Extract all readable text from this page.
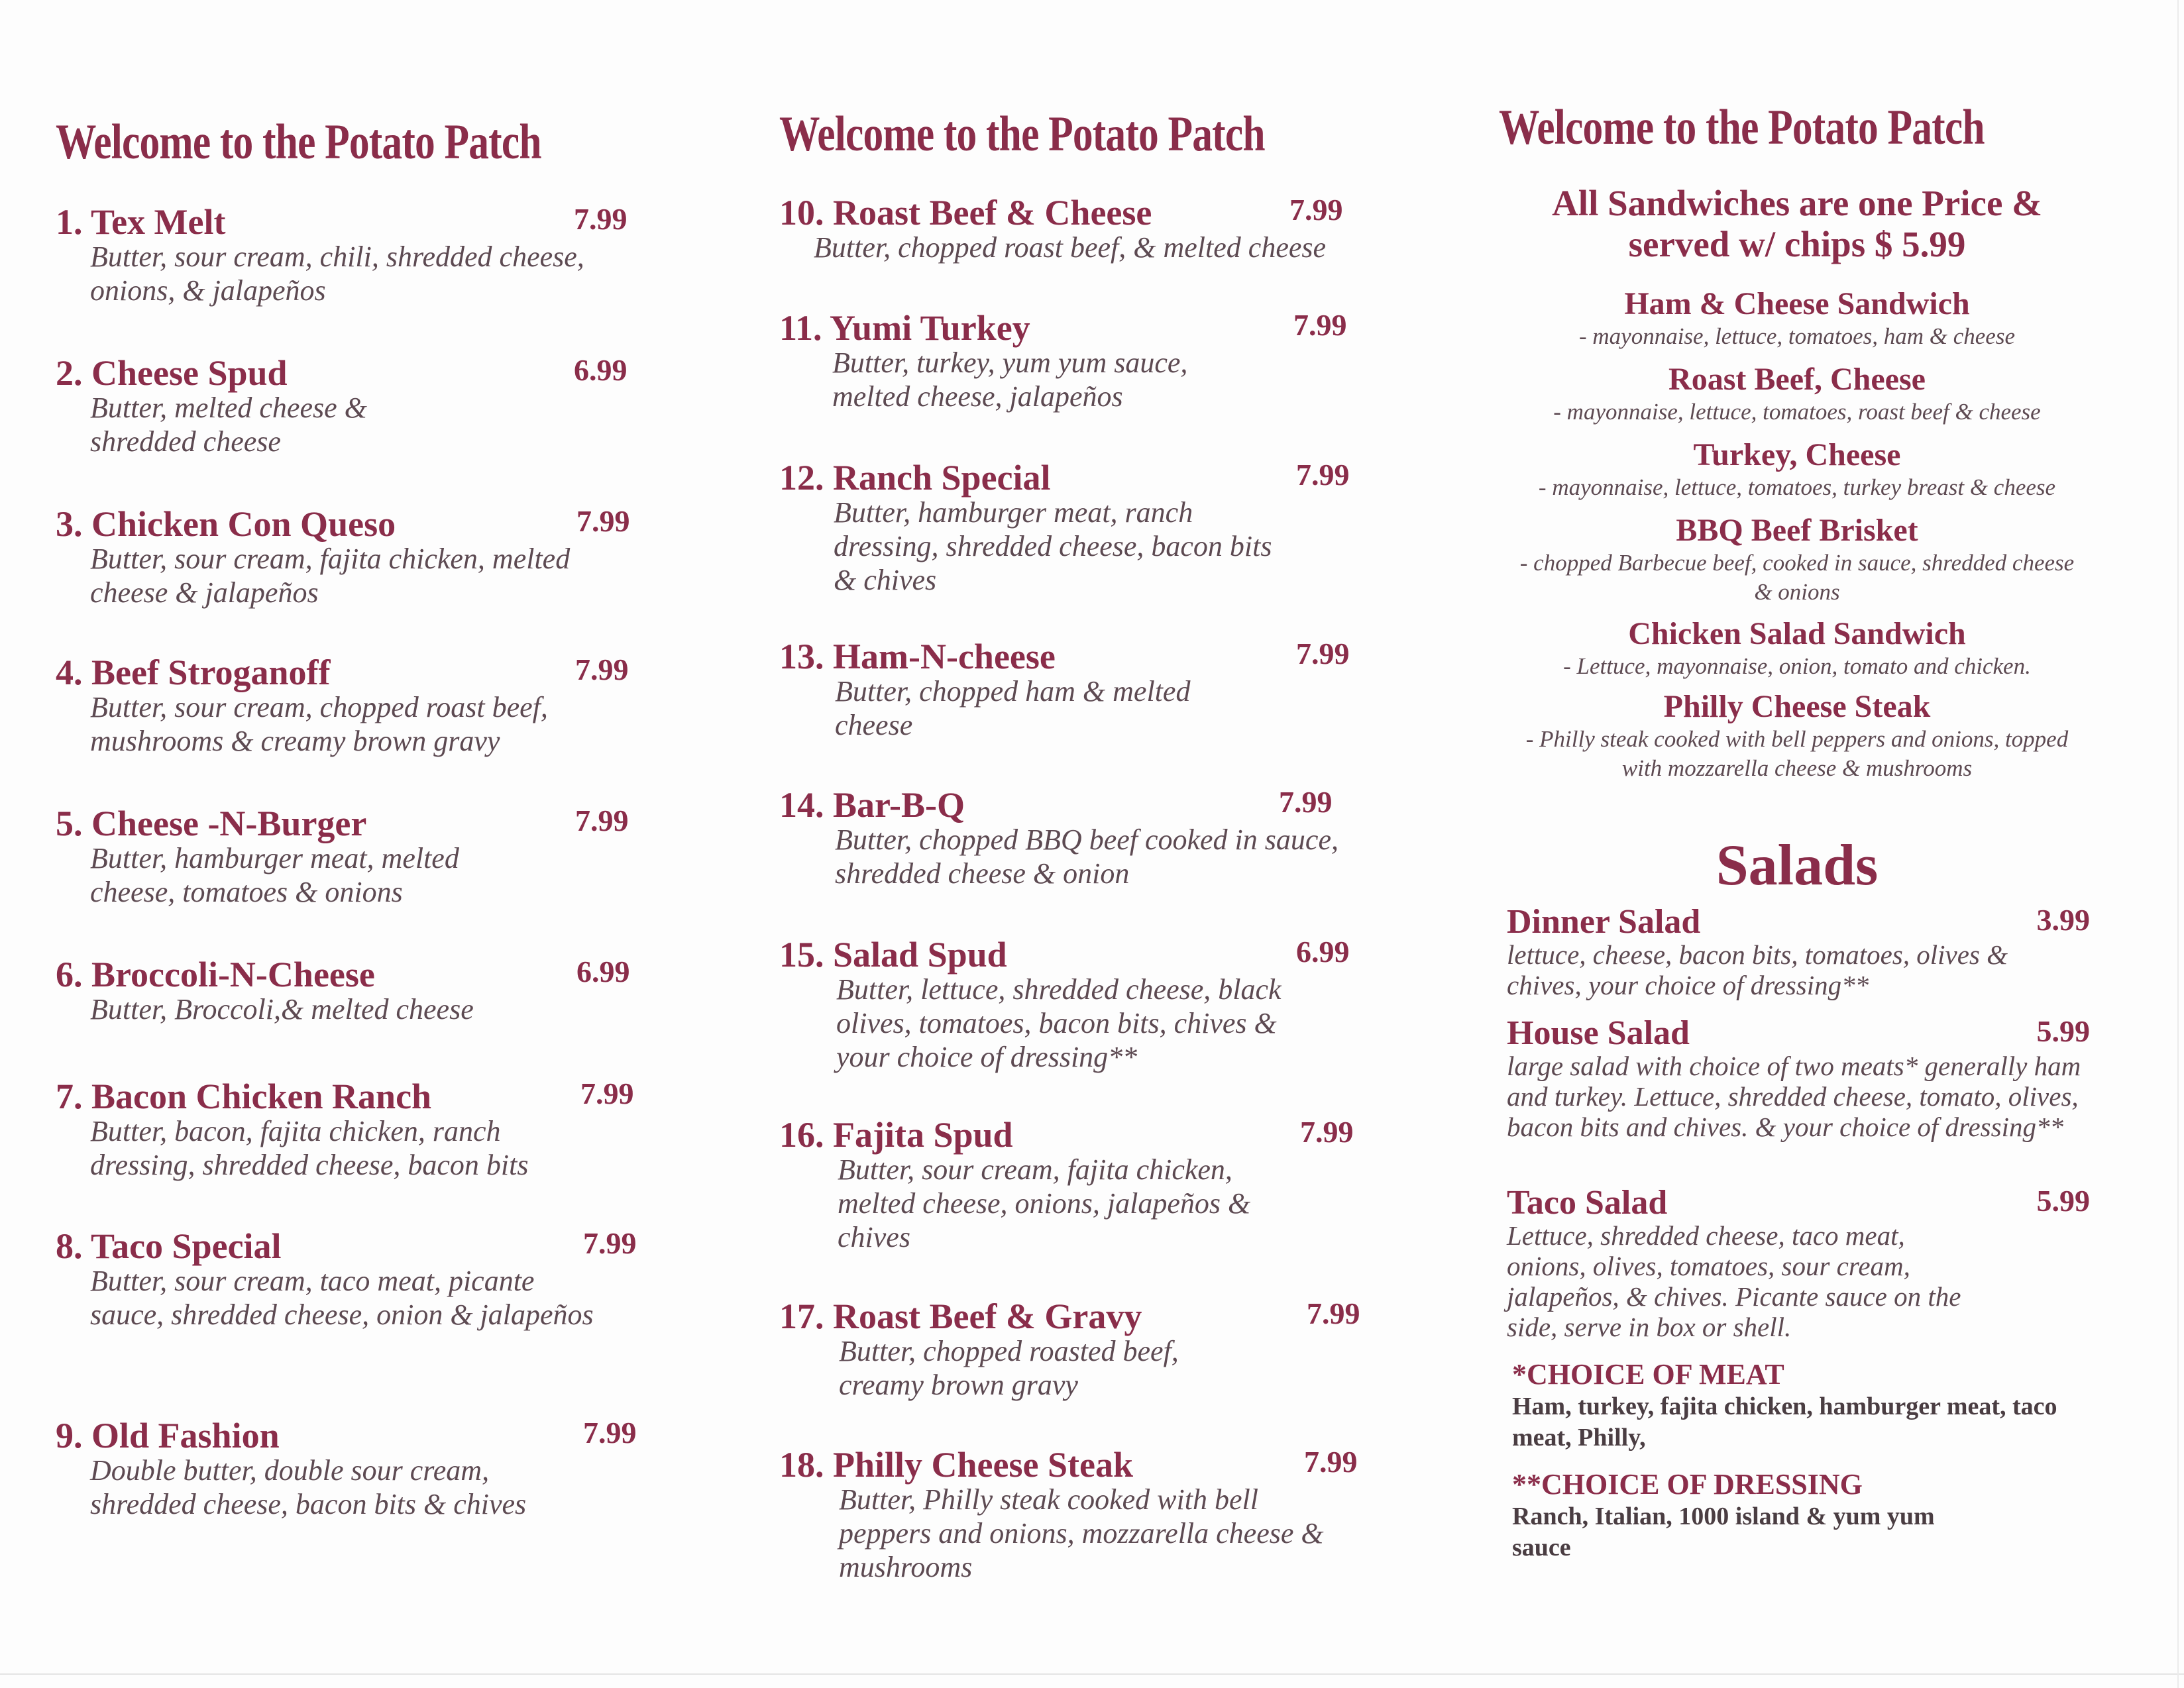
Welcome to the Potato Patch
1. Tex Melt	7.99
Butter, sour cream, chili, shredded cheese, onions, & jalapeños
2. Cheese Spud	6.99
Butter, melted cheese & shredded cheese
3. Chicken Con Queso	7.99
Butter, sour cream, fajita chicken, melted cheese & jalapeños
4. Beef Stroganoff	7.99
Butter, sour cream, chopped roast beef, mushrooms & creamy brown gravy
5. Cheese -N-Burger	7.99
Butter, hamburger meat, melted cheese, tomatoes & onions
6. Broccoli-N-Cheese	6.99
Butter, Broccoli,& melted cheese
7. Bacon Chicken Ranch	7.99
Butter, bacon, fajita chicken, ranch dressing, shredded cheese, bacon bits
8. Taco Special	7.99
Butter, sour cream, taco meat, picante sauce, shredded cheese, onion & jalapeños
9. Old Fashion	7.99
Double butter, double sour cream, shredded cheese, bacon bits & chives
Welcome to the Potato Patch
10. Roast Beef & Cheese	7.99
Butter, chopped roast beef, & melted cheese
11. Yumi Turkey	7.99
Butter, turkey, yum yum sauce, melted cheese, jalapeños
12. Ranch Special	7.99
Butter, hamburger meat, ranch dressing, shredded cheese, bacon bits & chives
13. Ham-N-cheese	7.99
Butter, chopped ham & melted cheese
14. Bar-B-Q	7.99
Butter, chopped BBQ beef cooked in sauce, shredded cheese & onion
15. Salad Spud	6.99
Butter, lettuce, shredded cheese, black olives, tomatoes, bacon bits, chives & your choice of dressing**
16. Fajita Spud	7.99
Butter, sour cream, fajita chicken, melted cheese, onions, jalapeños & chives
17. Roast Beef & Gravy	7.99
Butter, chopped roasted beef, creamy brown gravy
18. Philly Cheese Steak	7.99
Butter, Philly steak cooked with bell peppers and onions, mozzarella cheese & mushrooms
Welcome to the Potato Patch
All Sandwiches are one Price &
served w/ chips $ 5.99
Ham & Cheese Sandwich
- mayonnaise, lettuce, tomatoes, ham & cheese
Roast Beef, Cheese
- mayonnaise, lettuce, tomatoes, roast beef & cheese
Turkey, Cheese
- mayonnaise, lettuce, tomatoes, turkey breast & cheese
BBQ Beef Brisket
- chopped Barbecue beef, cooked in sauce, shredded cheese & onions
Chicken Salad Sandwich
- Lettuce, mayonnaise, onion, tomato and chicken.
Philly Cheese Steak
- Philly steak cooked with bell peppers and onions, topped with mozzarella cheese & mushrooms
Salads
Dinner Salad	3.99
lettuce, cheese, bacon bits, tomatoes, olives & chives, your choice of dressing**
House Salad	5.99
large salad with choice of two meats* generally ham and turkey. Lettuce, shredded cheese, tomato, olives, bacon bits and chives. & your choice of dressing**
Taco Salad	5.99
Lettuce, shredded cheese, taco meat, onions, olives, tomatoes, sour cream, jalapeños, & chives. Picante sauce on the side, serve in box or shell.
*CHOICE OF MEAT
Ham, turkey, fajita chicken, hamburger meat, taco meat, Philly,
**CHOICE OF DRESSING
Ranch, Italian, 1000 island & yum yum sauce
